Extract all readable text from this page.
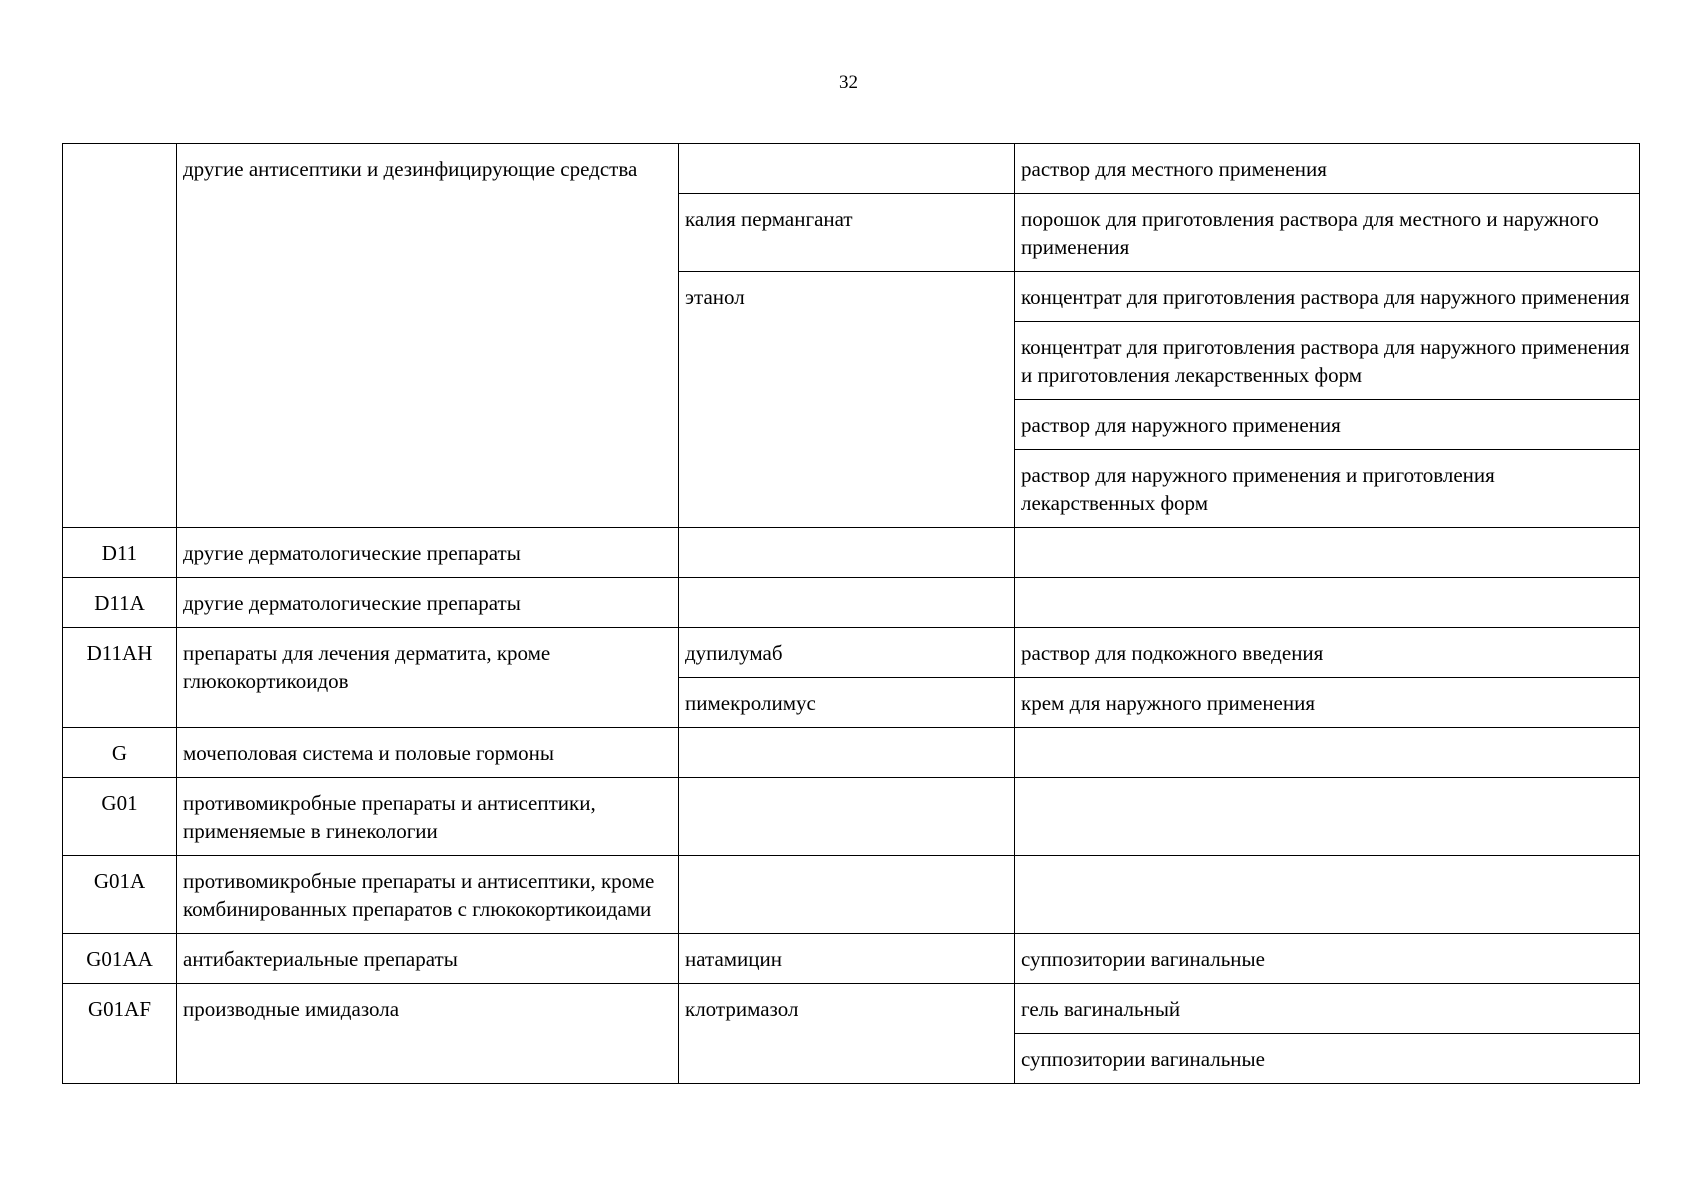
32
	другие антисептики и дезинфицирующие средства		раствор для местного применения
		калия перманганат	порошок для приготовления раствора для местного и наружного применения
		этанол	концентрат для приготовления раствора для наружного применения
			концентрат для приготовления раствора для наружного применения и приготовления лекарственных форм
			раствор для наружного применения
			раствор для наружного применения и приготовления лекарственных форм
D11	другие дерматологические препараты		
D11A	другие дерматологические препараты		
D11AH	препараты для лечения дерматита, кроме глюкокортикоидов	дупилумаб	раствор для подкожного введения
		пимекролимус	крем для наружного применения
G	мочеполовая система и половые гормоны		
G01	противомикробные препараты и антисептики, применяемые в гинекологии		
G01A	противомикробные препараты и антисептики, кроме комбинированных препаратов с глюкокортикоидами		
G01AA	антибактериальные препараты	натамицин	суппозитории вагинальные
G01AF	производные имидазола	клотримазол	гель вагинальный
			суппозитории вагинальные
